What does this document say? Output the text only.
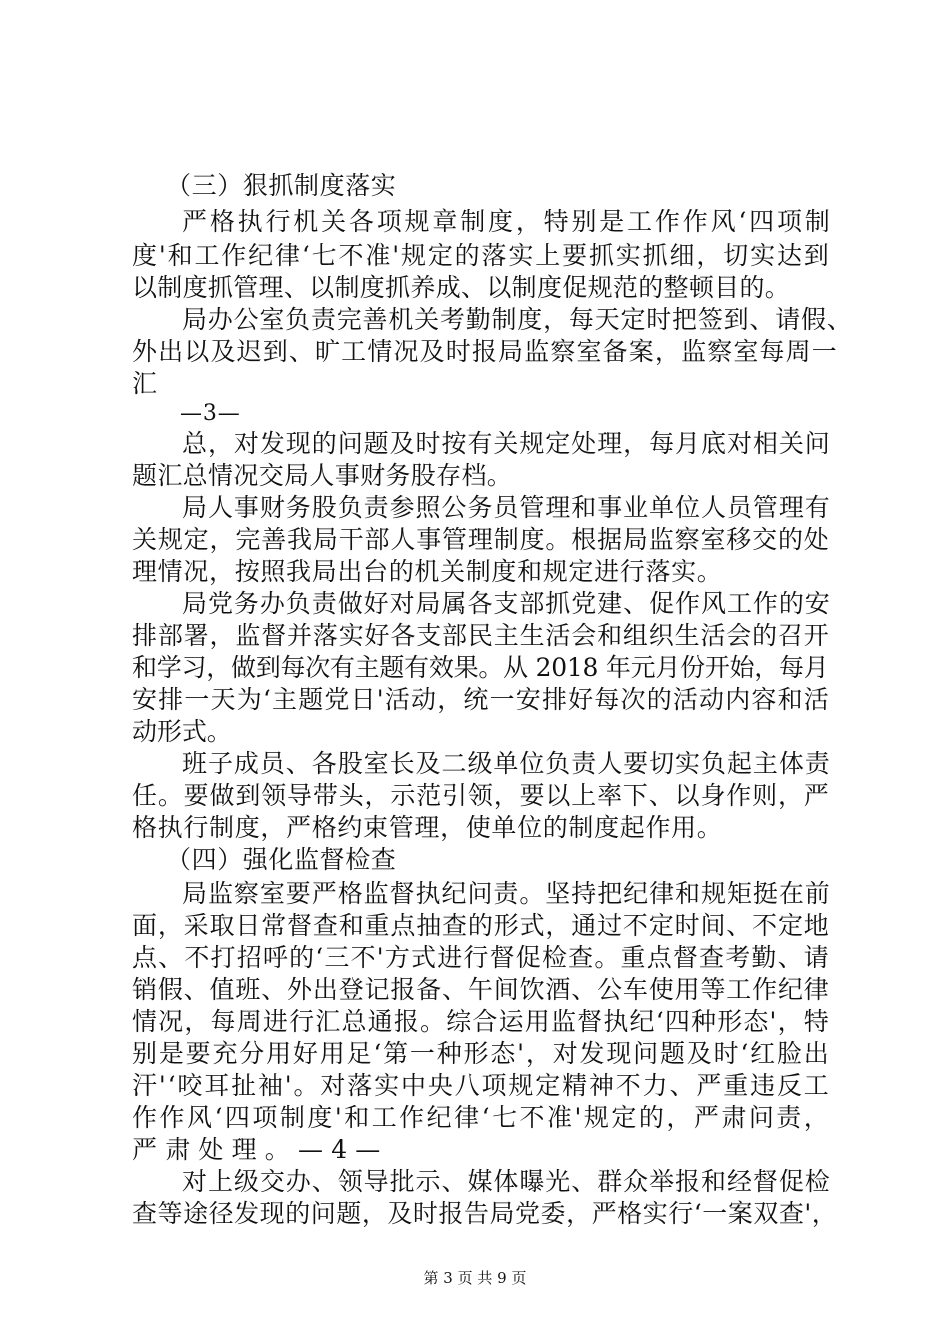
（三）狠抓制度落实
严格执行机关各项规章制度，特别是工作作风‘四项制
度'和工作纪律‘七不准'规定的落实上要抓实抓细，切实达到
以制度抓管理、以制度抓养成、以制度促规范的整顿目的。
局办公室负责完善机关考勤制度，每天定时把签到、请假、
外出以及迟到、旷工情况及时报局监察室备案，监察室每周一
汇
—3—
总，对发现的问题及时按有关规定处理，每月底对相关问
题汇总情况交局人事财务股存档。
局人事财务股负责参照公务员管理和事业单位人员管理有
关规定，完善我局干部人事管理制度。根据局监察室移交的处
理情况，按照我局出台的机关制度和规定进行落实。
局党务办负责做好对局属各支部抓党建、促作风工作的安
排部署，监督并落实好各支部民主生活会和组织生活会的召开
和学习，做到每次有主题有效果。从 2018 年元月份开始，每月
安排一天为‘主题党日'活动，统一安排好每次的活动内容和活
动形式。
班子成员、各股室长及二级单位负责人要切实负起主体责
任。要做到领导带头，示范引领，要以上率下、以身作则，严
格执行制度，严格约束管理，使单位的制度起作用。
（四）强化监督检查
局监察室要严格监督执纪问责。坚持把纪律和规矩挺在前
面，采取日常督查和重点抽查的形式，通过不定时间、不定地
点、不打招呼的‘三不'方式进行督促检查。重点督查考勤、请
销假、值班、外出登记报备、午间饮酒、公车使用等工作纪律
情况，每周进行汇总通报。综合运用监督执纪‘四种形态'，特
别是要充分用好用足‘第一种形态'，对发现问题及时‘红脸出
汗'‘咬耳扯袖'。对落实中央八项规定精神不力、严重违反工
作作风‘四项制度'和工作纪律‘七不准'规定的，严肃问责，
严肃处理。—4—
对上级交办、领导批示、媒体曝光、群众举报和经督促检
查等途径发现的问题，及时报告局党委，严格实行‘一案双查'，
第 3 页 共 9 页
